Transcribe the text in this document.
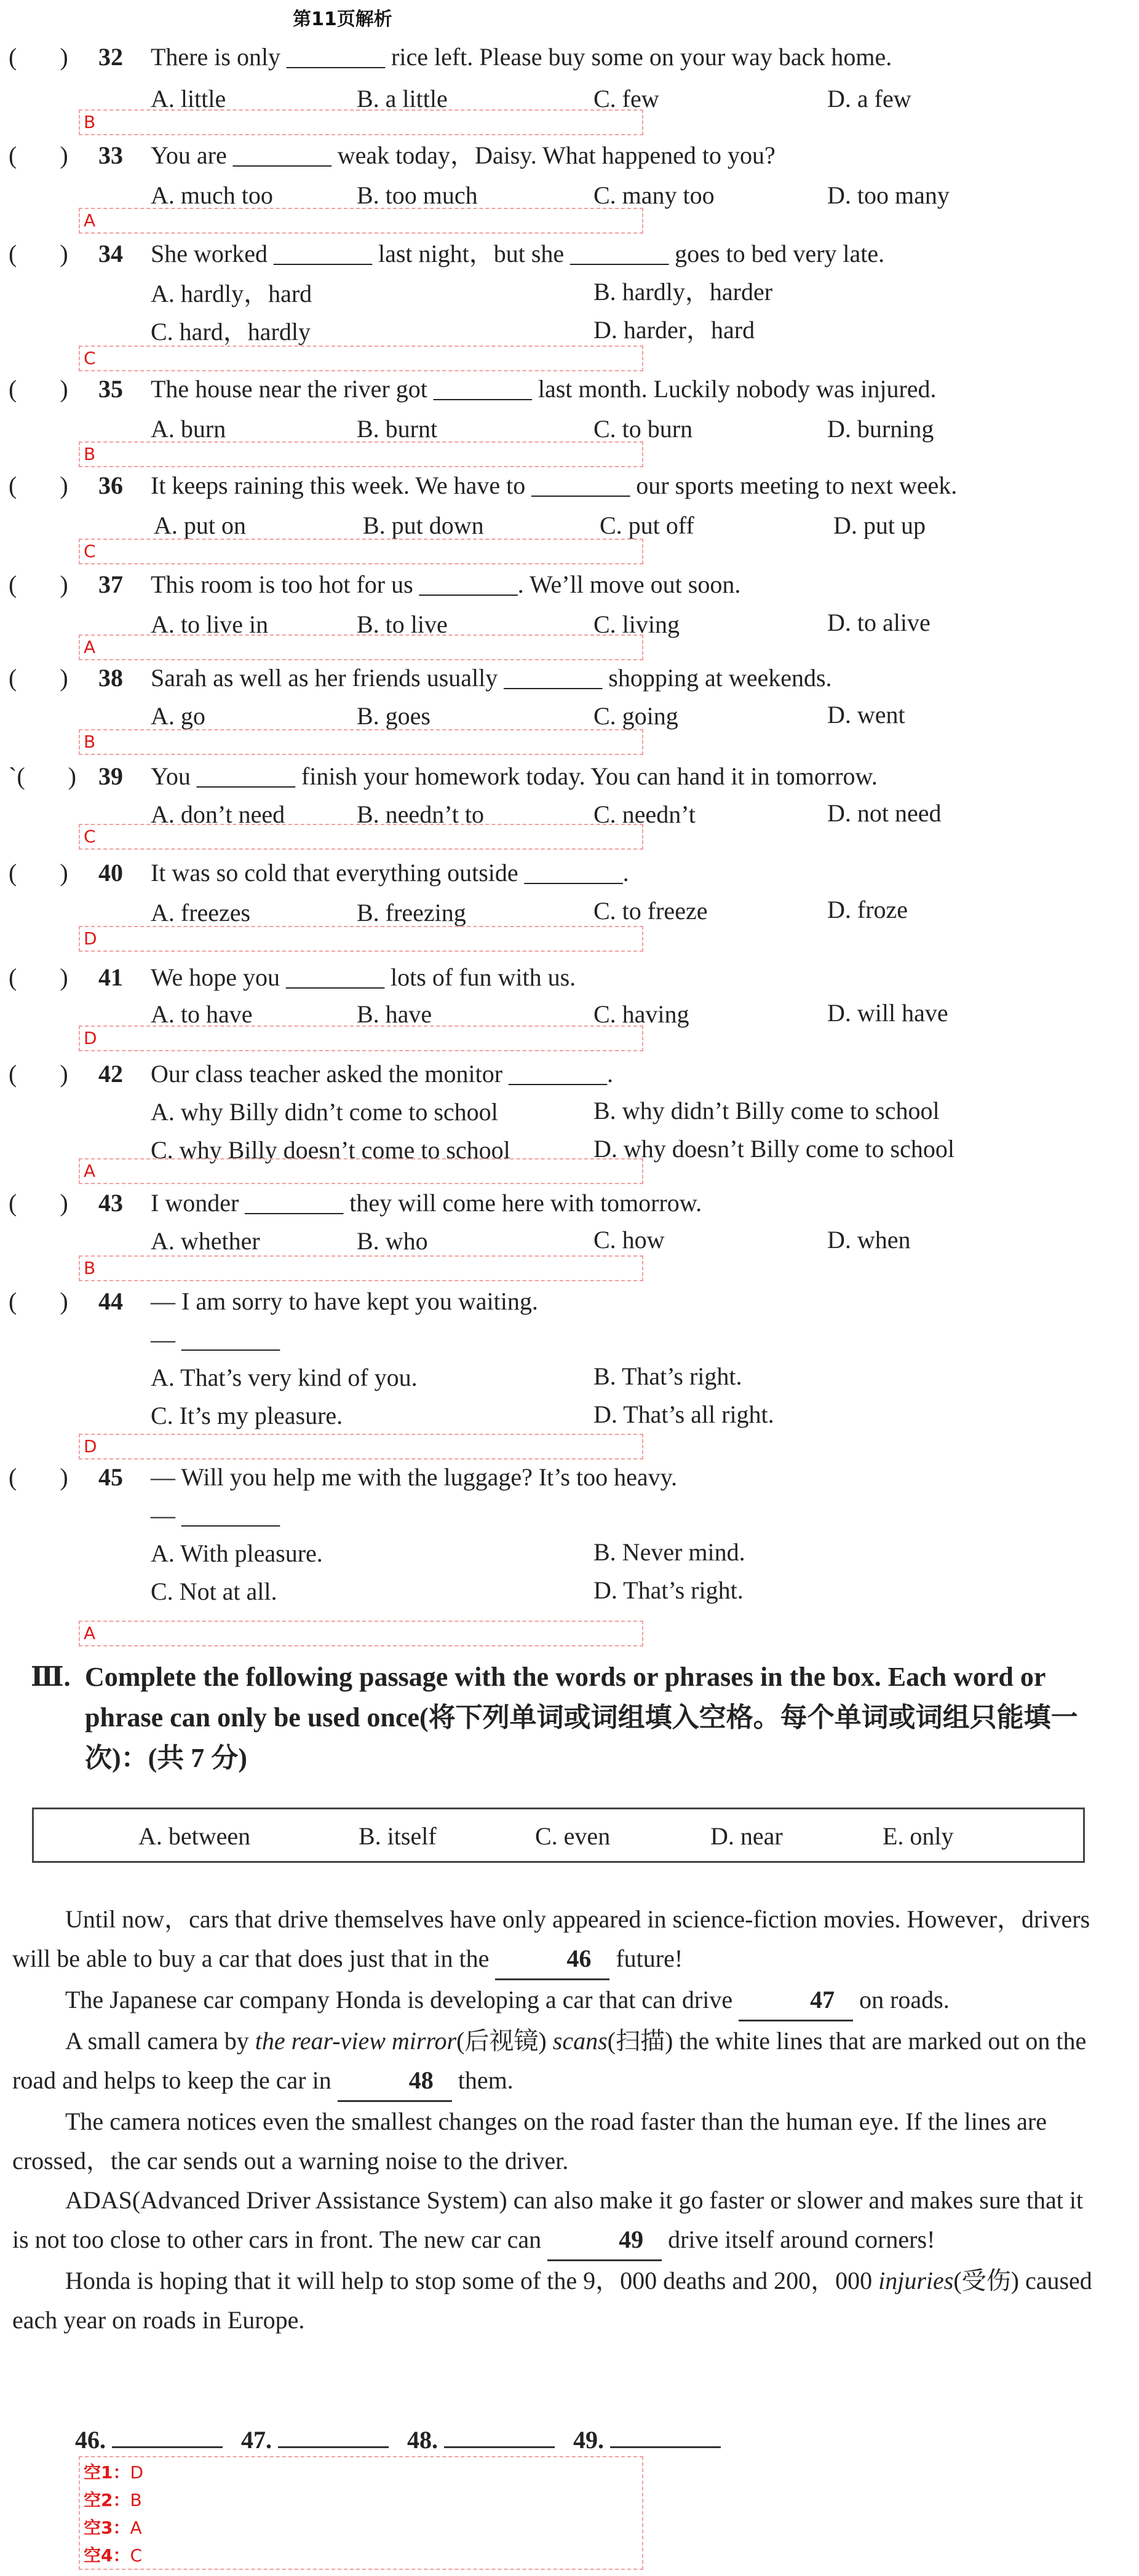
第11页解析
(       ) 32 There is only ________ rice left. Please buy some on your way back home.
A. little	B. a little	C. few	D. a few
B
(       ) 33 You are ________ weak today，Daisy. What happened to you?
A. much too	B. too much	C. many too	D. too many
A
(       ) 34 She worked ________ last night，but she ________ goes to bed very late.
A. hardly，hard	B. hardly，harder
C. hard，hardly	D. harder，hard
C
(       ) 35 The house near the river got ________ last month. Luckily nobody was injured.
A. burn	B. burnt	C. to burn	D. burning
B
(       ) 36 It keeps raining this week. We have to ________ our sports meeting to next week.
A. put on	B. put down	C. put off	D. put up
C
(       ) 37 This room is too hot for us ________. We’ll move out soon.
A. to live in	B. to live	C. living	D. to alive
A
(       ) 38 Sarah as well as her friends usually ________ shopping at weekends.
A. go	B. goes	C. going	D. went
B
`(       ) 39 You ________ finish your homework today. You can hand it in tomorrow.
A. don’t need	B. needn’t to	C. needn’t	D. not need
C
(       ) 40 It was so cold that everything outside ________.
A. freezes	B. freezing	C. to freeze	D. froze
D
(       ) 41 We hope you ________ lots of fun with us.
A. to have	B. have	C. having	D. will have
D
(       ) 42 Our class teacher asked the monitor ________.
A. why Billy didn’t come to school	B. why didn’t Billy come to school
C. why Billy doesn’t come to school	D. why doesn’t Billy come to school
A
(       ) 43 I wonder ________ they will come here with tomorrow.
A. whether	B. who	C. how	D. when
B
(       ) 44 — I am sorry to have kept you waiting.
— ________
A. That’s very kind of you.	B. That’s right.
C. It’s my pleasure.	D. That’s all right.
D
(       ) 45 — Will you help me with the luggage? It’s too heavy.
— ________
A. With pleasure.	B. Never mind.
C. Not at all.	D. That’s right.
A
Ⅲ. Complete the following passage with the words or phrases in the box. Each word or phrase can only be used once(将下列单词或词组填入空格。每个单词或词组只能填一次)：(共 7 分)
A. between	B. itself	C. even	D. near	E. only

Until now，cars that drive themselves have only appeared in science-fiction movies. However，drivers will be able to buy a car that does just that in the	46 future!

The Japanese car company Honda is developing a car that can drive	47 on roads.

A small camera by the rear-view mirror(后视镜) scans(扫描) the white lines that are marked out on the road and helps to keep the car in	48 them.

The camera notices even the smallest changes on the road faster than the human eye. If the lines are crossed，the car sends out a warning noise to the driver.

ADAS(Advanced Driver Assistance System) can also make it go faster or slower and makes sure that it is not too close to other cars in front. The new car can	49 drive itself around corners!

Honda is hoping that it will help to stop some of the 9，000 deaths and 200，000 injuries(受伤) caused each year on roads in Europe.

46.	47.	48.	49.
空1：D
空2：B
空3：A
空4：C
